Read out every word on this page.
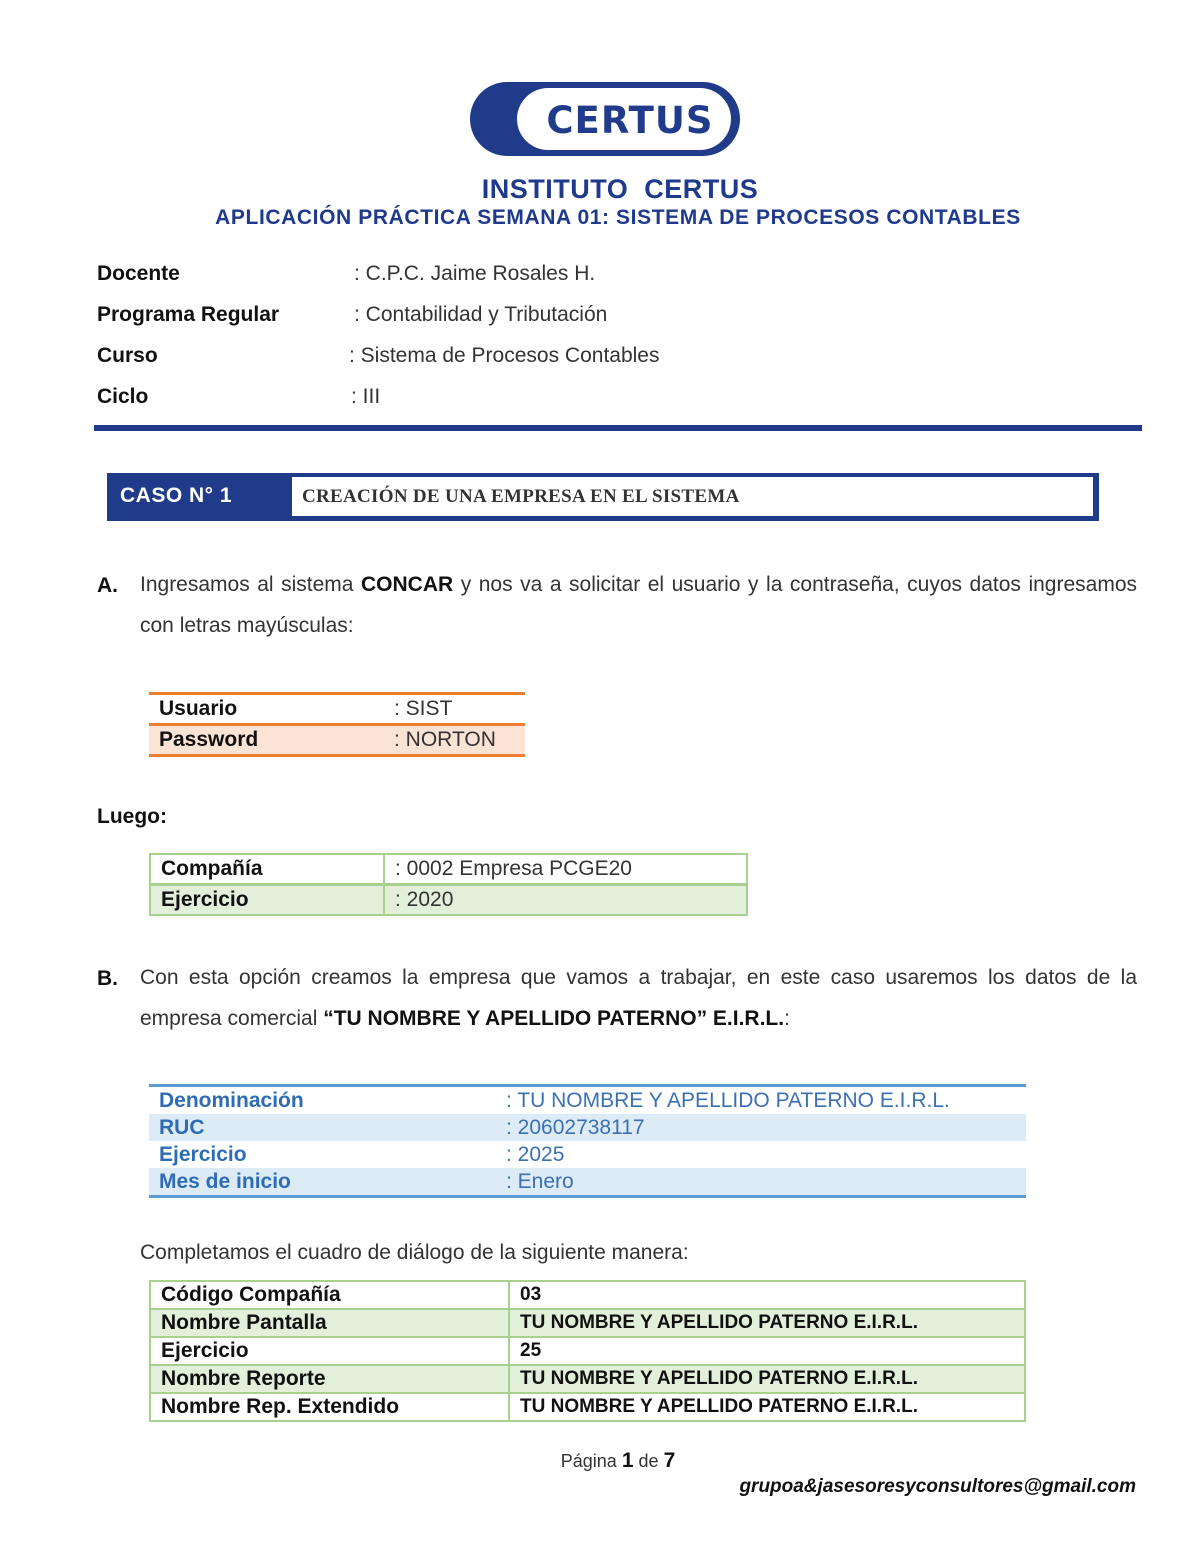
CERTUS
INSTITUTO  CERTUS
APLICACIÓN PRÁCTICA SEMANA 01: SISTEMA DE PROCESOS CONTABLES
Docente	: C.P.C. Jaime Rosales H.
Programa Regular	: Contabilidad y Tributación
Curso	: Sistema de Procesos Contables
Ciclo	: III
CASO N° 1	CREACIÓN DE UNA EMPRESA EN EL SISTEMA
A. Ingresamos al sistema CONCAR y nos va a solicitar el usuario y la contraseña, cuyos datos ingresamos con letras mayúsculas:
Usuario	: SIST
Password	: NORTON
Luego:
Compañía	: 0002 Empresa PCGE20
Ejercicio	: 2020
B. Con esta opción creamos la empresa que vamos a trabajar, en este caso usaremos los datos de la empresa comercial “TU NOMBRE Y APELLIDO PATERNO” E.I.R.L.:
Denominación	: TU NOMBRE Y APELLIDO PATERNO E.I.R.L.
RUC	: 20602738117
Ejercicio	: 2025
Mes de inicio	: Enero
Completamos el cuadro de diálogo de la siguiente manera:
Código Compañía	03
Nombre Pantalla	TU NOMBRE Y APELLIDO PATERNO E.I.R.L.
Ejercicio	25
Nombre Reporte	TU NOMBRE Y APELLIDO PATERNO E.I.R.L.
Nombre Rep. Extendido	TU NOMBRE Y APELLIDO PATERNO E.I.R.L.
Página 1 de 7
grupoa&jasesoresyconsultores@gmail.com
